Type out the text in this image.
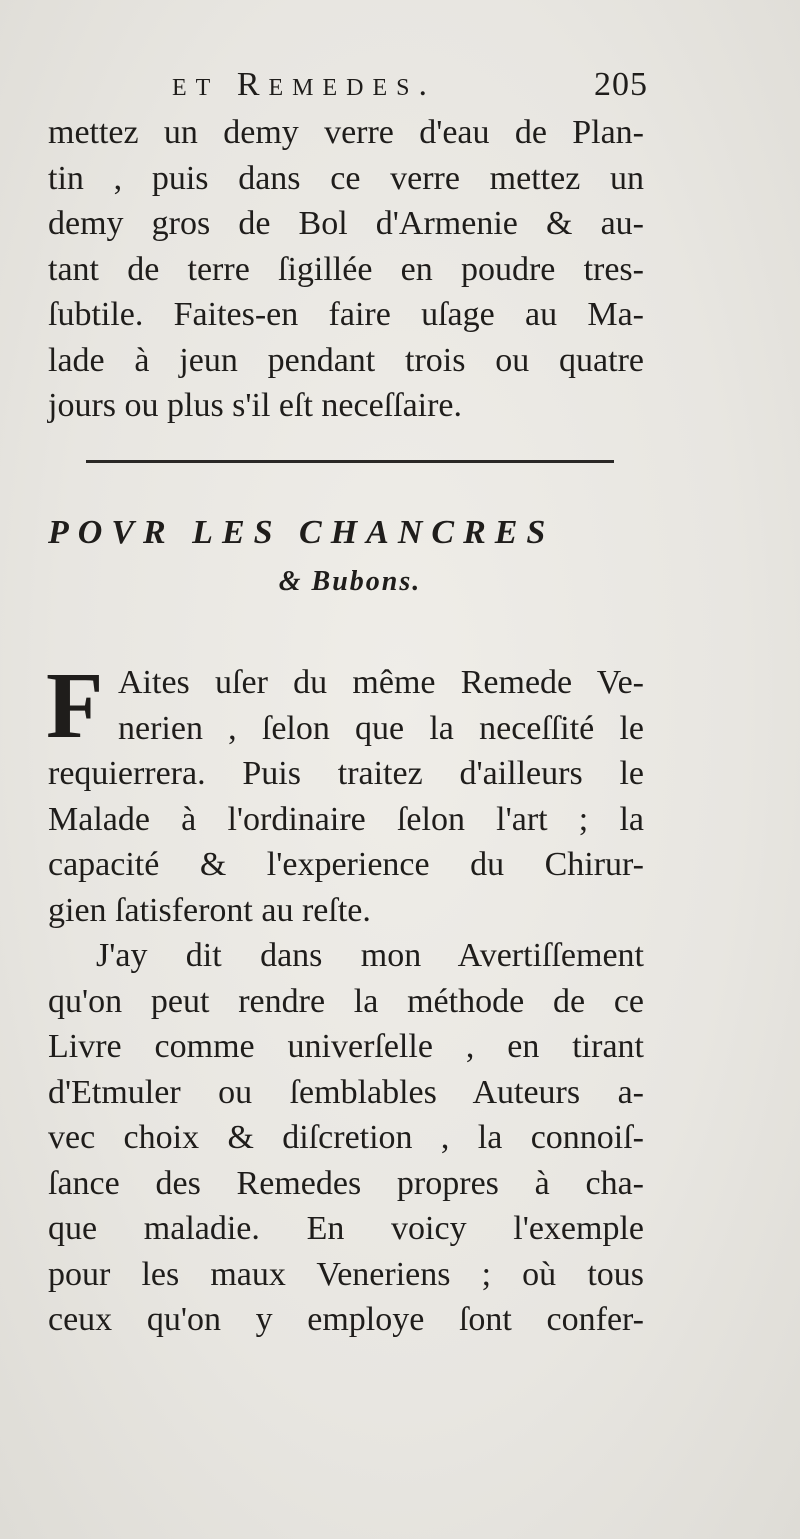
et Remedes.	205
mettez un demy verre d'eau de Plan-
tin , puis dans ce verre mettez un
demy gros de Bol d'Armenie & au-
tant de terre ſigillée en poudre tres-
ſubtile. Faites-en faire uſage au Ma-
lade à jeun pendant trois ou quatre
jours ou plus s'il eſt neceſſaire.
POVR LES CHANCRES
& Bubons.
F Aites uſer du même Remede Ve-
nerien , ſelon que la neceſſité le
requierrera. Puis traitez d'ailleurs le
Malade à l'ordinaire ſelon l'art ; la
capacité & l'experience du Chirur-
gien ſatisferont au reſte.
J'ay dit dans mon Avertiſſement
qu'on peut rendre la méthode de ce
Livre comme univerſelle , en tirant
d'Etmuler ou ſemblables Auteurs a-
vec choix & diſcretion , la connoiſ-
ſance des Remedes propres à cha-
que maladie. En voicy l'exemple
pour les maux Veneriens ; où tous
ceux qu'on y employe ſont confer-
